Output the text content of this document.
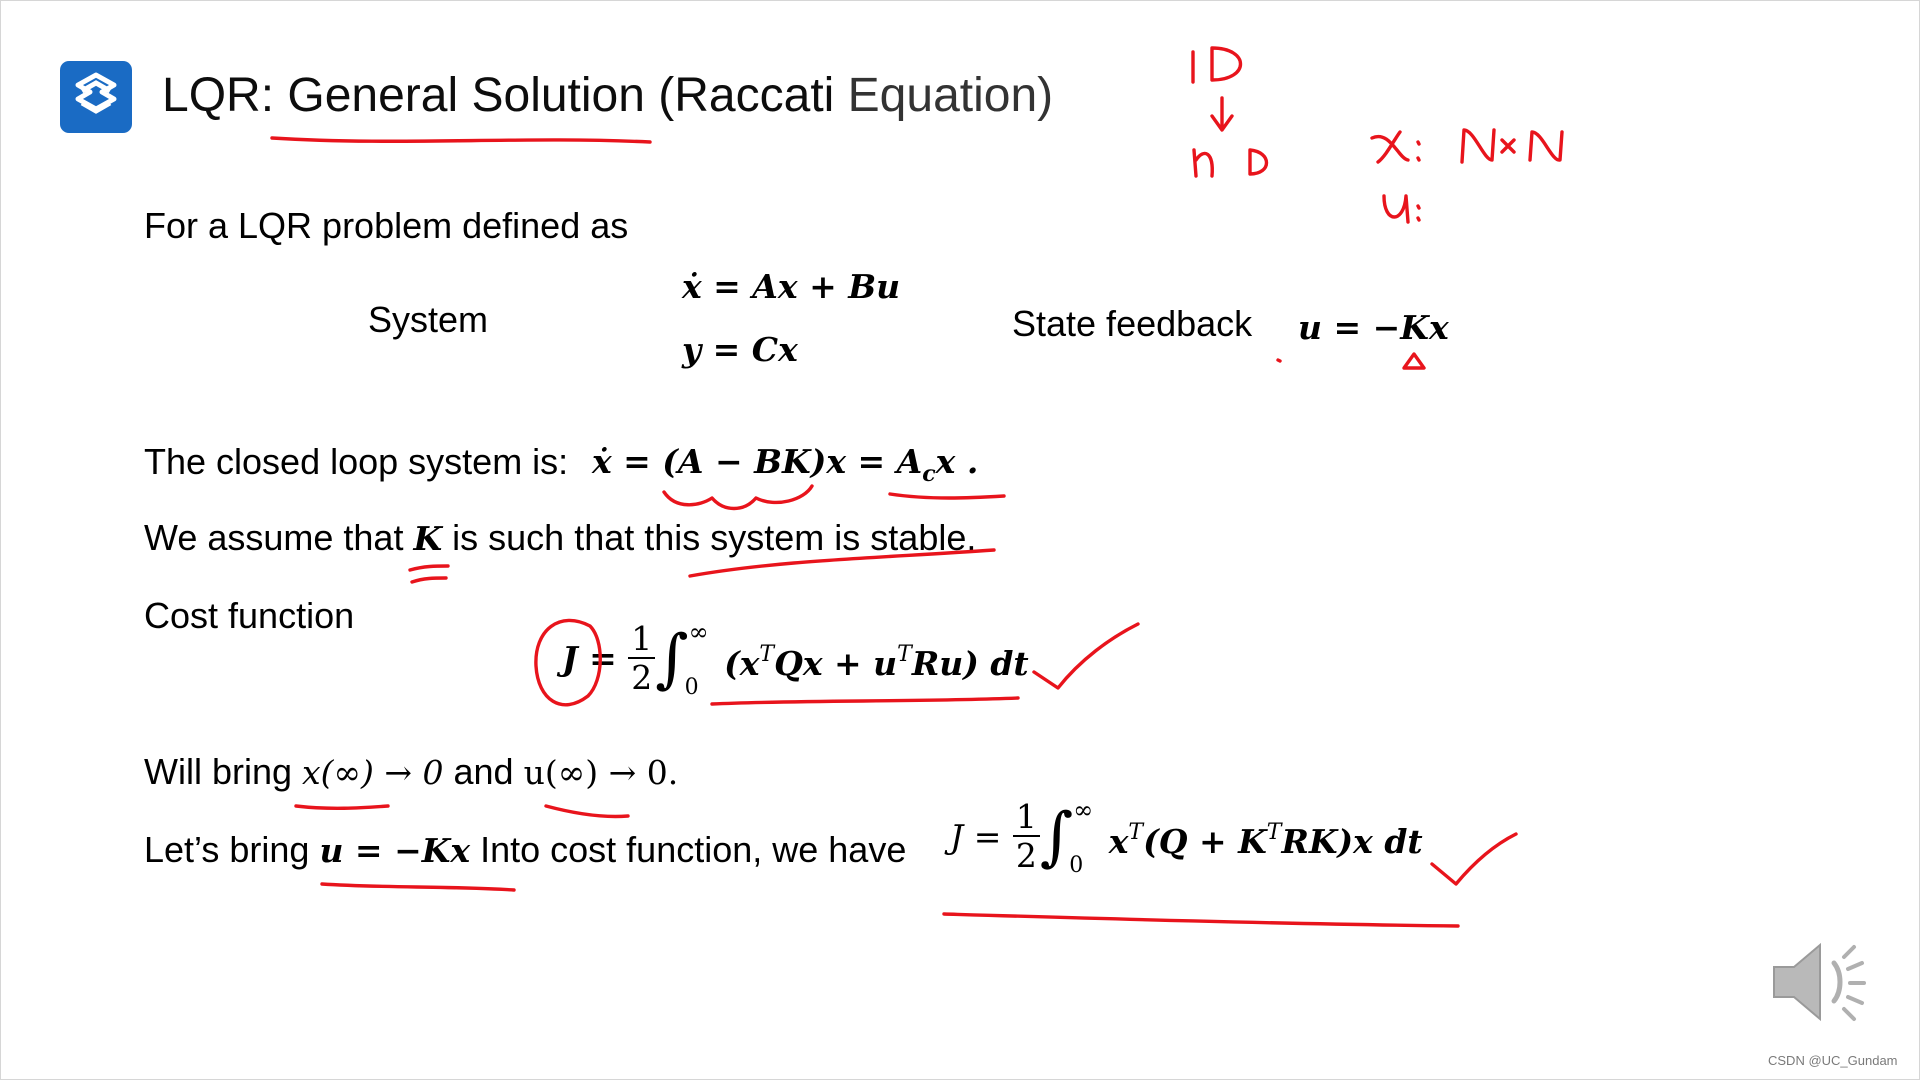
LQR: General Solution (Raccati Equation)
For a LQR problem defined as
System
ẋ = Ax + Bu
y = Cx
State feedback u = −Kx
The closed loop system is: ẋ = $(A - BK)x = A_cx$ .
We assume that K is such that this system is stable.
Cost function
$J = \frac{1}{2}$ ∫ ∞
0
$(x^TQx + u^TRu)$ dt
Will bring x(∞) → 0 and u(∞) → 0.
Let’s bring u = −Kx Into cost function, we have $J = \frac{1}{2}$ ∫ ∞
0
$x^T(Q + K^TRK)x$ dt
CSDN @UC_Gundam
